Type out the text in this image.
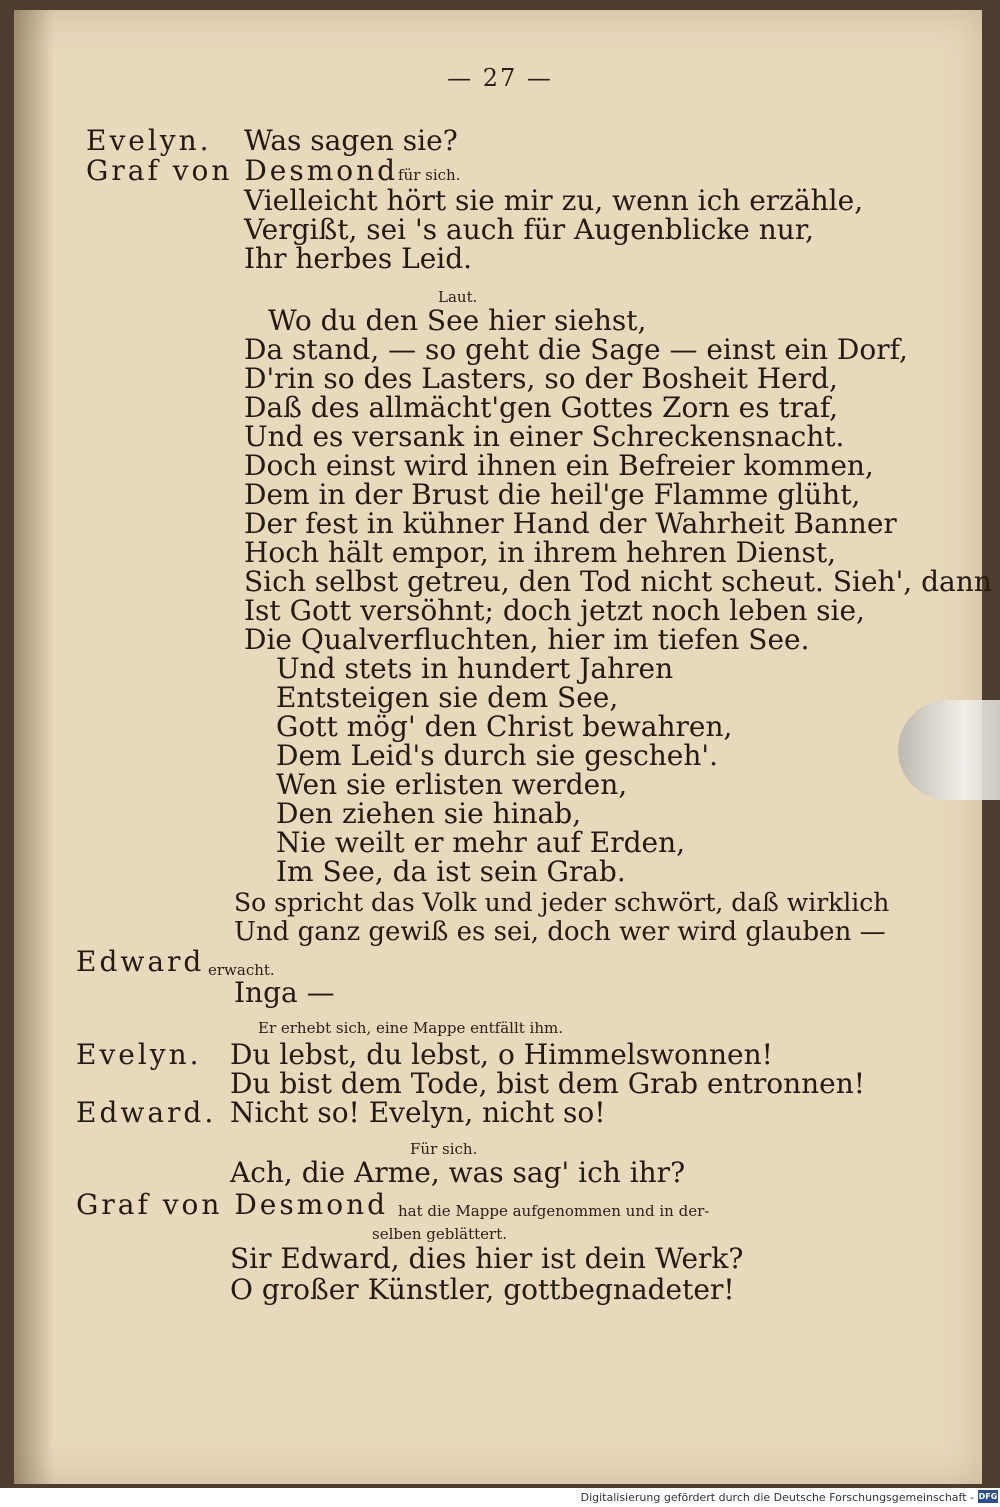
— 27 —
Evelyn. Was sagen sie?
Graf von Desmond für sich.
Vielleicht hört sie mir zu, wenn ich erzähle,
Vergißt, sei 's auch für Augenblicke nur,
Ihr herbes Leid.
Laut.
Wo du den See hier siehst,
Da stand, — so geht die Sage — einst ein Dorf,
D'rin so des Lasters, so der Bosheit Herd,
Daß des allmächt'gen Gottes Zorn es traf,
Und es versank in einer Schreckensnacht.
Doch einst wird ihnen ein Befreier kommen,
Dem in der Brust die heil'ge Flamme glüht,
Der fest in kühner Hand der Wahrheit Banner
Hoch hält empor, in ihrem hehren Dienst,
Sich selbst getreu, den Tod nicht scheut. Sieh', dann
Ist Gott versöhnt; doch jetzt noch leben sie,
Die Qualverfluchten, hier im tiefen See.
Und stets in hundert Jahren
Entsteigen sie dem See,
Gott mög' den Christ bewahren,
Dem Leid's durch sie gescheh'.
Wen sie erlisten werden,
Den ziehen sie hinab,
Nie weilt er mehr auf Erden,
Im See, da ist sein Grab.
So spricht das Volk und jeder schwört, daß wirklich
Und ganz gewiß es sei, doch wer wird glauben —
Edward erwacht.
Inga —
Er erhebt sich, eine Mappe entfällt ihm.
Evelyn. Du lebst, du lebst, o Himmelswonnen!
Du bist dem Tode, bist dem Grab entronnen!
Edward. Nicht so! Evelyn, nicht so!
Für sich.
Ach, die Arme, was sag' ich ihr?
Graf von Desmond hat die Mappe aufgenommen und in der-
selben geblättert.
Sir Edward, dies hier ist dein Werk?
O großer Künstler, gottbegnadeter!
Digitalisierung gefördert durch die Deutsche Forschungsgemeinschaft - DFG
